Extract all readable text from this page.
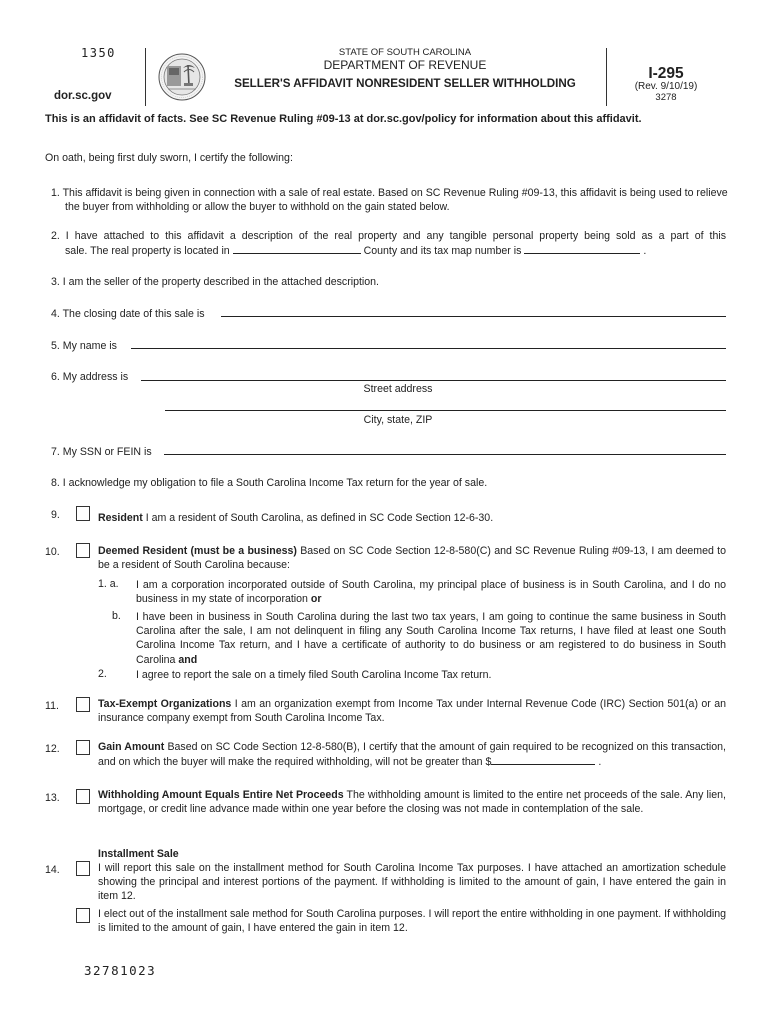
1350
dor.sc.gov
STATE OF SOUTH CAROLINA
DEPARTMENT OF REVENUE
SELLER'S AFFIDAVIT NONRESIDENT SELLER WITHHOLDING
I-295
(Rev. 9/10/19)
3278
This is an affidavit of facts. See SC Revenue Ruling #09-13 at dor.sc.gov/policy for information about this affidavit.
On oath, being first duly sworn, I certify the following:
1. This affidavit is being given in connection with a sale of real estate. Based on SC Revenue Ruling #09-13, this affidavit is being used to relieve the buyer from withholding or allow the buyer to withhold on the gain stated below.
2. I have attached to this affidavit a description of the real property and any tangible personal property being sold as a part of this
sale. The real property is located in	County and its tax map number is	.
3. I am the seller of the property described in the attached description.
4. The closing date of this sale is
5. My name is
6. My address is
Street address
City, state, ZIP
7. My SSN or FEIN is
8. I acknowledge my obligation to file a South Carolina Income Tax return for the year of sale.
9.	Resident I am a resident of South Carolina, as defined in SC Code Section 12-6-30.
10.	Deemed Resident (must be a business) Based on SC Code Section 12-8-580(C) and SC Revenue Ruling #09-13, I am deemed to be a resident of South Carolina because:
1. a. I am a corporation incorporated outside of South Carolina, my principal place of business is in South Carolina, and I do no business in my state of incorporation or
b. I have been in business in South Carolina during the last two tax years, I am going to continue the same business in South Carolina after the sale, I am not delinquent in filing any South Carolina Income Tax returns, I have filed at least one South Carolina Income Tax return, and I have a certificate of authority to do business or am registered to do business in South Carolina and
2.	I agree to report the sale on a timely filed South Carolina Income Tax return.
11.	Tax-Exempt Organizations I am an organization exempt from Income Tax under Internal Revenue Code (IRC) Section 501(a) or an insurance company exempt from South Carolina Income Tax.
12.	Gain Amount Based on SC Code Section 12-8-580(B), I certify that the amount of gain required to be recognized on this transaction, and on which the buyer will make the required withholding, will not be greater than $	.
13.	Withholding Amount Equals Entire Net Proceeds The withholding amount is limited to the entire net proceeds of the sale. Any lien, mortgage, or credit line advance made within one year before the closing was not made in contemplation of the sale.
Installment Sale
14.	I will report this sale on the installment method for South Carolina Income Tax purposes. I have attached an amortization schedule showing the principal and interest portions of the payment. If withholding is limited to the amount of gain, I have entered the gain in item 12.
I elect out of the installment sale method for South Carolina purposes. I will report the entire withholding in one payment. If withholding is limited to the amount of gain, I have entered the gain in item 12.
32781023
